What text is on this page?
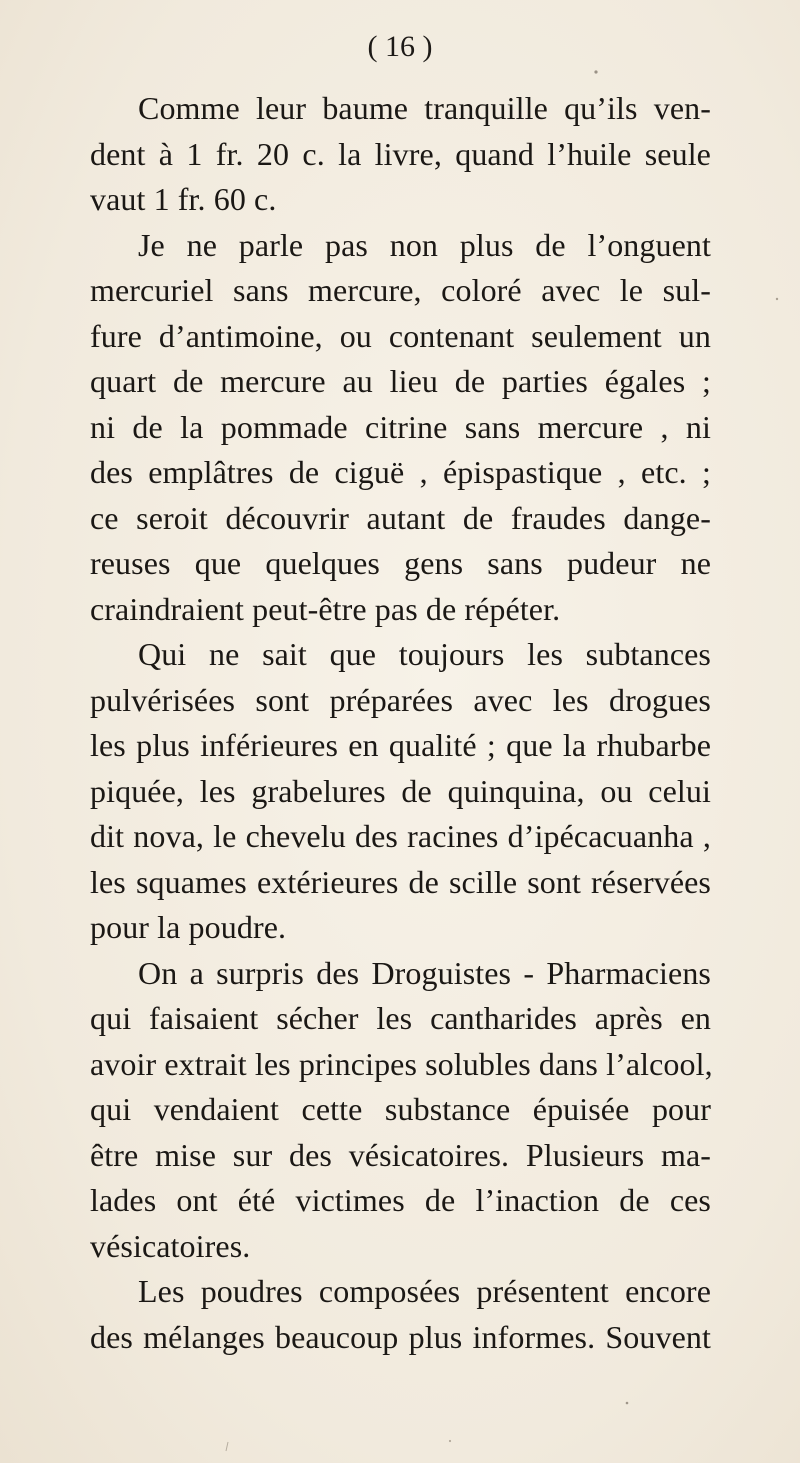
( 16 )
Comme leur baume tranquille qu’ils ven-
dent à 1 fr. 20 c. la livre, quand l’huile seule
vaut 1 fr. 60 c.
Je ne parle pas non plus de l’onguent
mercuriel sans mercure, coloré avec le sul-
fure d’antimoine, ou contenant seulement un
quart de mercure au lieu de parties égales ;
ni de la pommade citrine sans mercure , ni
des emplâtres de ciguë , épispastique , etc. ;
ce seroit découvrir autant de fraudes dange-
reuses que quelques gens sans pudeur ne
craindraient peut-être pas de répéter.
Qui ne sait que toujours les subtances
pulvérisées sont préparées avec les drogues
les plus inférieures en qualité ; que la rhubarbe
piquée, les grabelures de quinquina, ou celui
dit nova, le chevelu des racines d’ipécacuanha ,
les squames extérieures de scille sont réservées
pour la poudre.
On a surpris des Droguistes - Pharmaciens
qui faisaient sécher les cantharides après en
avoir extrait les principes solubles dans l’alcool,
qui vendaient cette substance épuisée pour
être mise sur des vésicatoires. Plusieurs ma-
lades ont été victimes de l’inaction de ces
vésicatoires.
Les poudres composées présentent encore
des mélanges beaucoup plus informes. Souvent
